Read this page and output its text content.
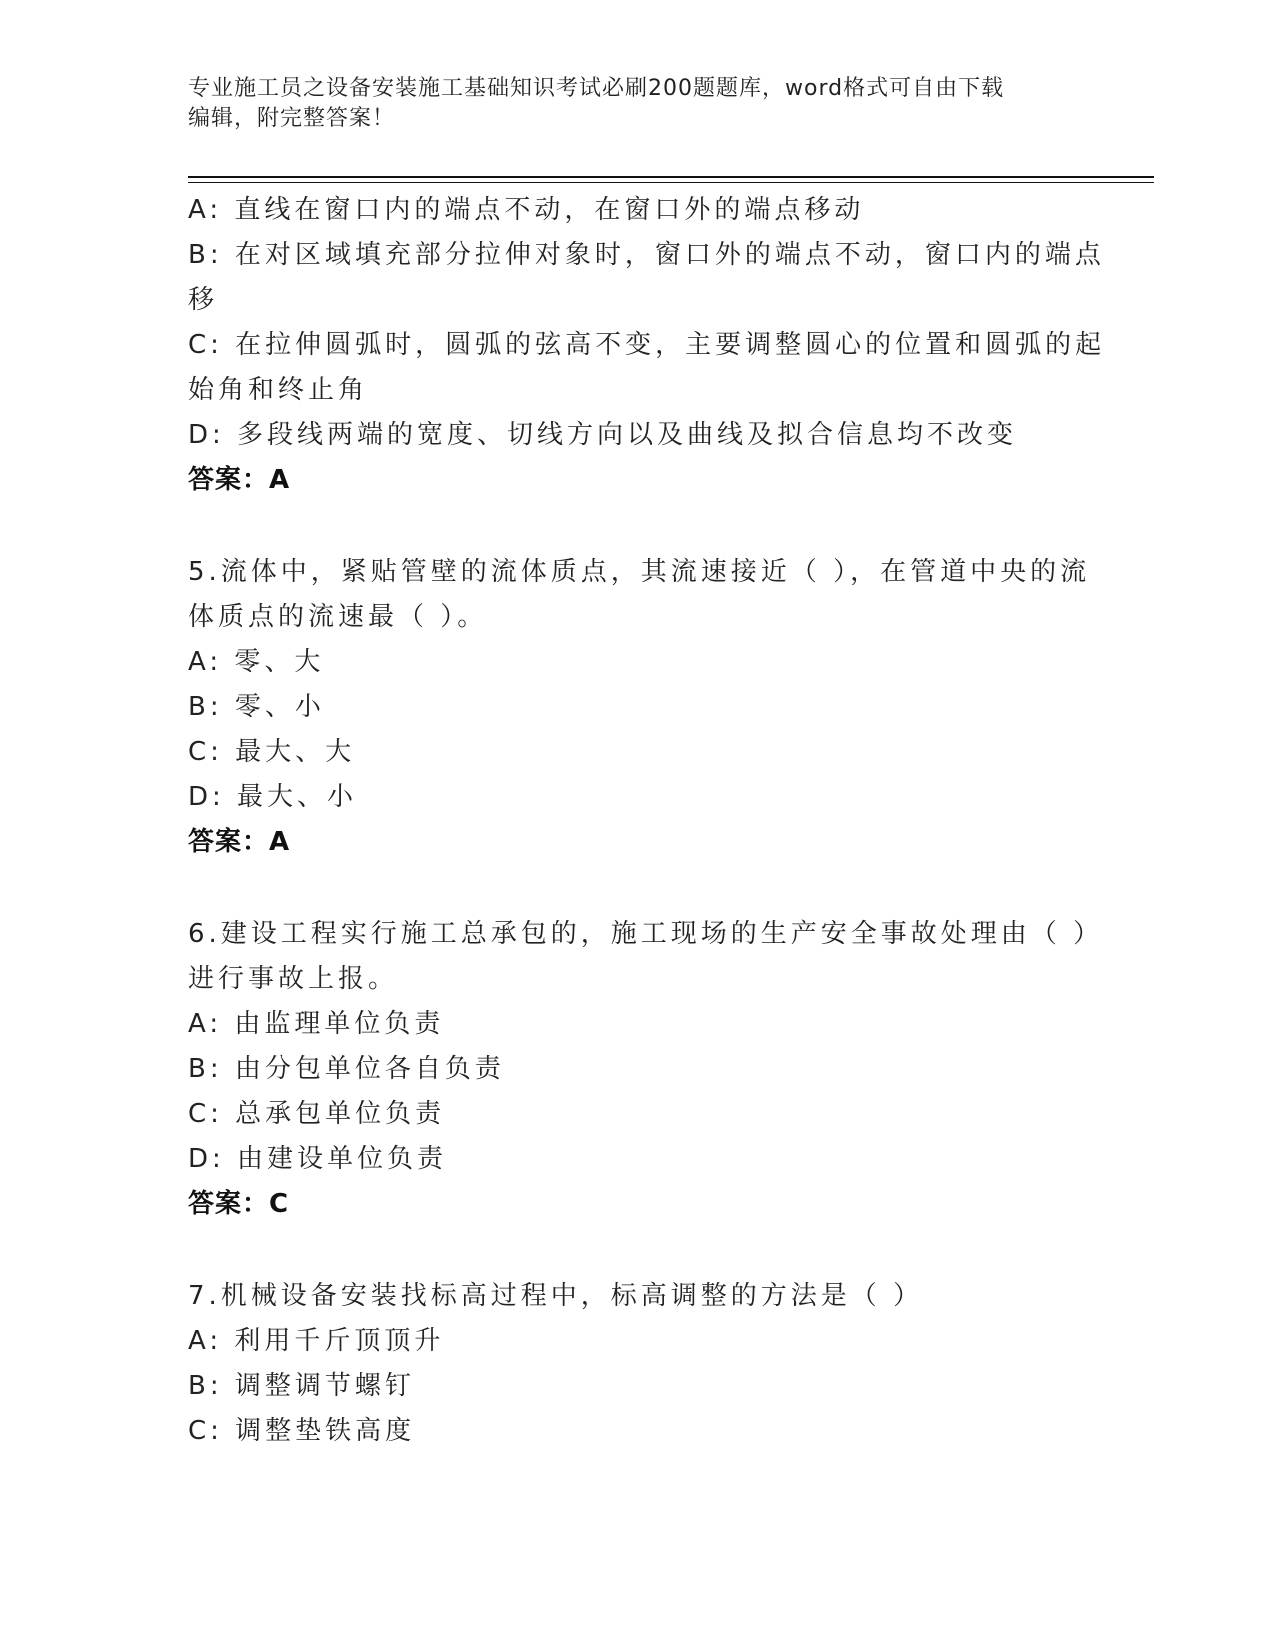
专业施工员之设备安装施工基础知识考试必刷200题题库，word格式可自由下载
编辑，附完整答案！
A: 直线在窗口内的端点不动，在窗口外的端点移动
B: 在对区域填充部分拉伸对象时，窗口外的端点不动，窗口内的端点
移
C: 在拉伸圆弧时，圆弧的弦高不变，主要调整圆心的位置和圆弧的起
始角和终止角
D: 多段线两端的宽度、切线方向以及曲线及拟合信息均不改变
答案：A
5.流体中，紧贴管壁的流体质点，其流速接近（ ），在管道中央的流
体质点的流速最（ ）。
A: 零、大
B: 零、小
C: 最大、大
D: 最大、小
答案：A
6.建设工程实行施工总承包的，施工现场的生产安全事故处理由（ ）
进行事故上报。
A: 由监理单位负责
B: 由分包单位各自负责
C: 总承包单位负责
D: 由建设单位负责
答案：C
7.机械设备安装找标高过程中，标高调整的方法是（ ）
A: 利用千斤顶顶升
B: 调整调节螺钉
C: 调整垫铁高度
